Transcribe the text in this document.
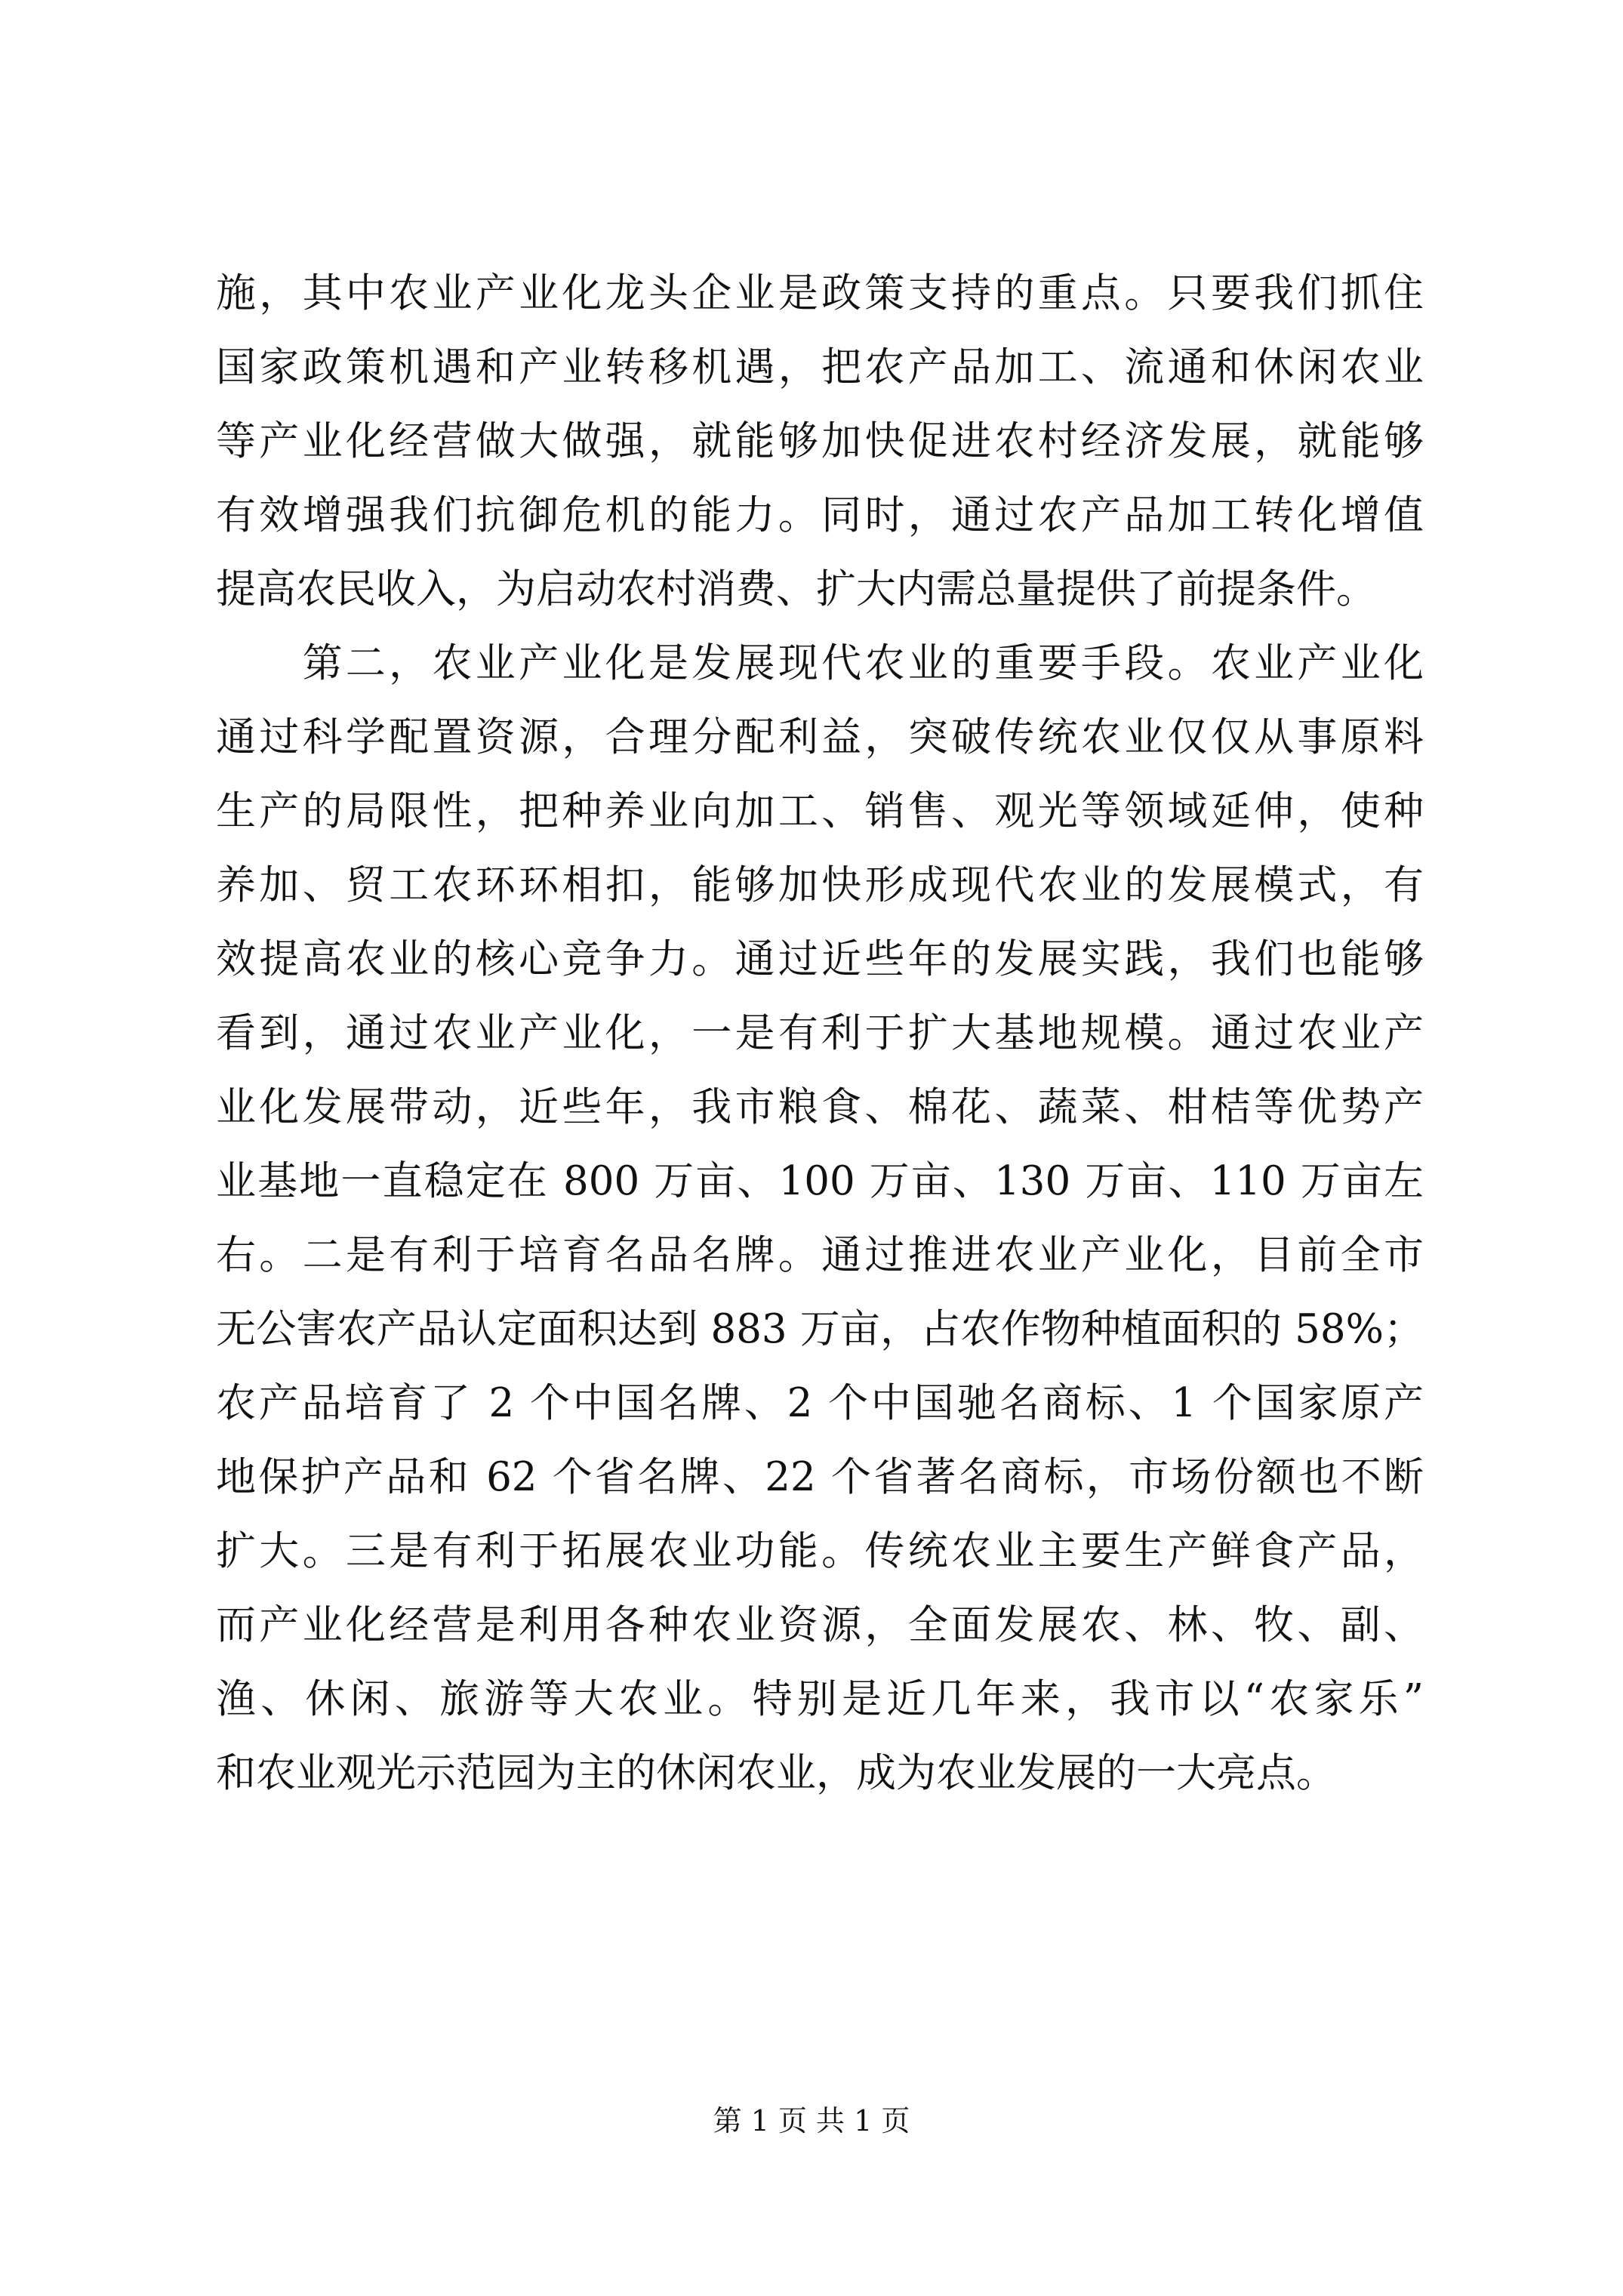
施，其中农业产业化龙头企业是政策支持的重点。只要我们抓住
国家政策机遇和产业转移机遇，把农产品加工、流通和休闲农业
等产业化经营做大做强，就能够加快促进农村经济发展，就能够
有效增强我们抗御危机的能力。同时，通过农产品加工转化增值
提高农民收入，为启动农村消费、扩大内需总量提供了前提条件。
　　第二，农业产业化是发展现代农业的重要手段。农业产业化
通过科学配置资源，合理分配利益，突破传统农业仅仅从事原料
生产的局限性，把种养业向加工、销售、观光等领域延伸，使种
养加、贸工农环环相扣，能够加快形成现代农业的发展模式，有
效提高农业的核心竞争力。通过近些年的发展实践，我们也能够
看到，通过农业产业化，一是有利于扩大基地规模。通过农业产
业化发展带动，近些年，我市粮食、棉花、蔬菜、柑桔等优势产
业基地一直稳定在 800 万亩、100 万亩、130 万亩、110 万亩左
右。二是有利于培育名品名牌。通过推进农业产业化，目前全市
无公害农产品认定面积达到 883 万亩，占农作物种植面积的 58%；
农产品培育了 2 个中国名牌、2 个中国驰名商标、1 个国家原产
地保护产品和 62 个省名牌、22 个省著名商标，市场份额也不断
扩大。三是有利于拓展农业功能。传统农业主要生产鲜食产品，
而产业化经营是利用各种农业资源，全面发展农、林、牧、副、
渔、休闲、旅游等大农业。特别是近几年来，我市以“农家乐”
和农业观光示范园为主的休闲农业，成为农业发展的一大亮点。
第 1 页 共 1 页
